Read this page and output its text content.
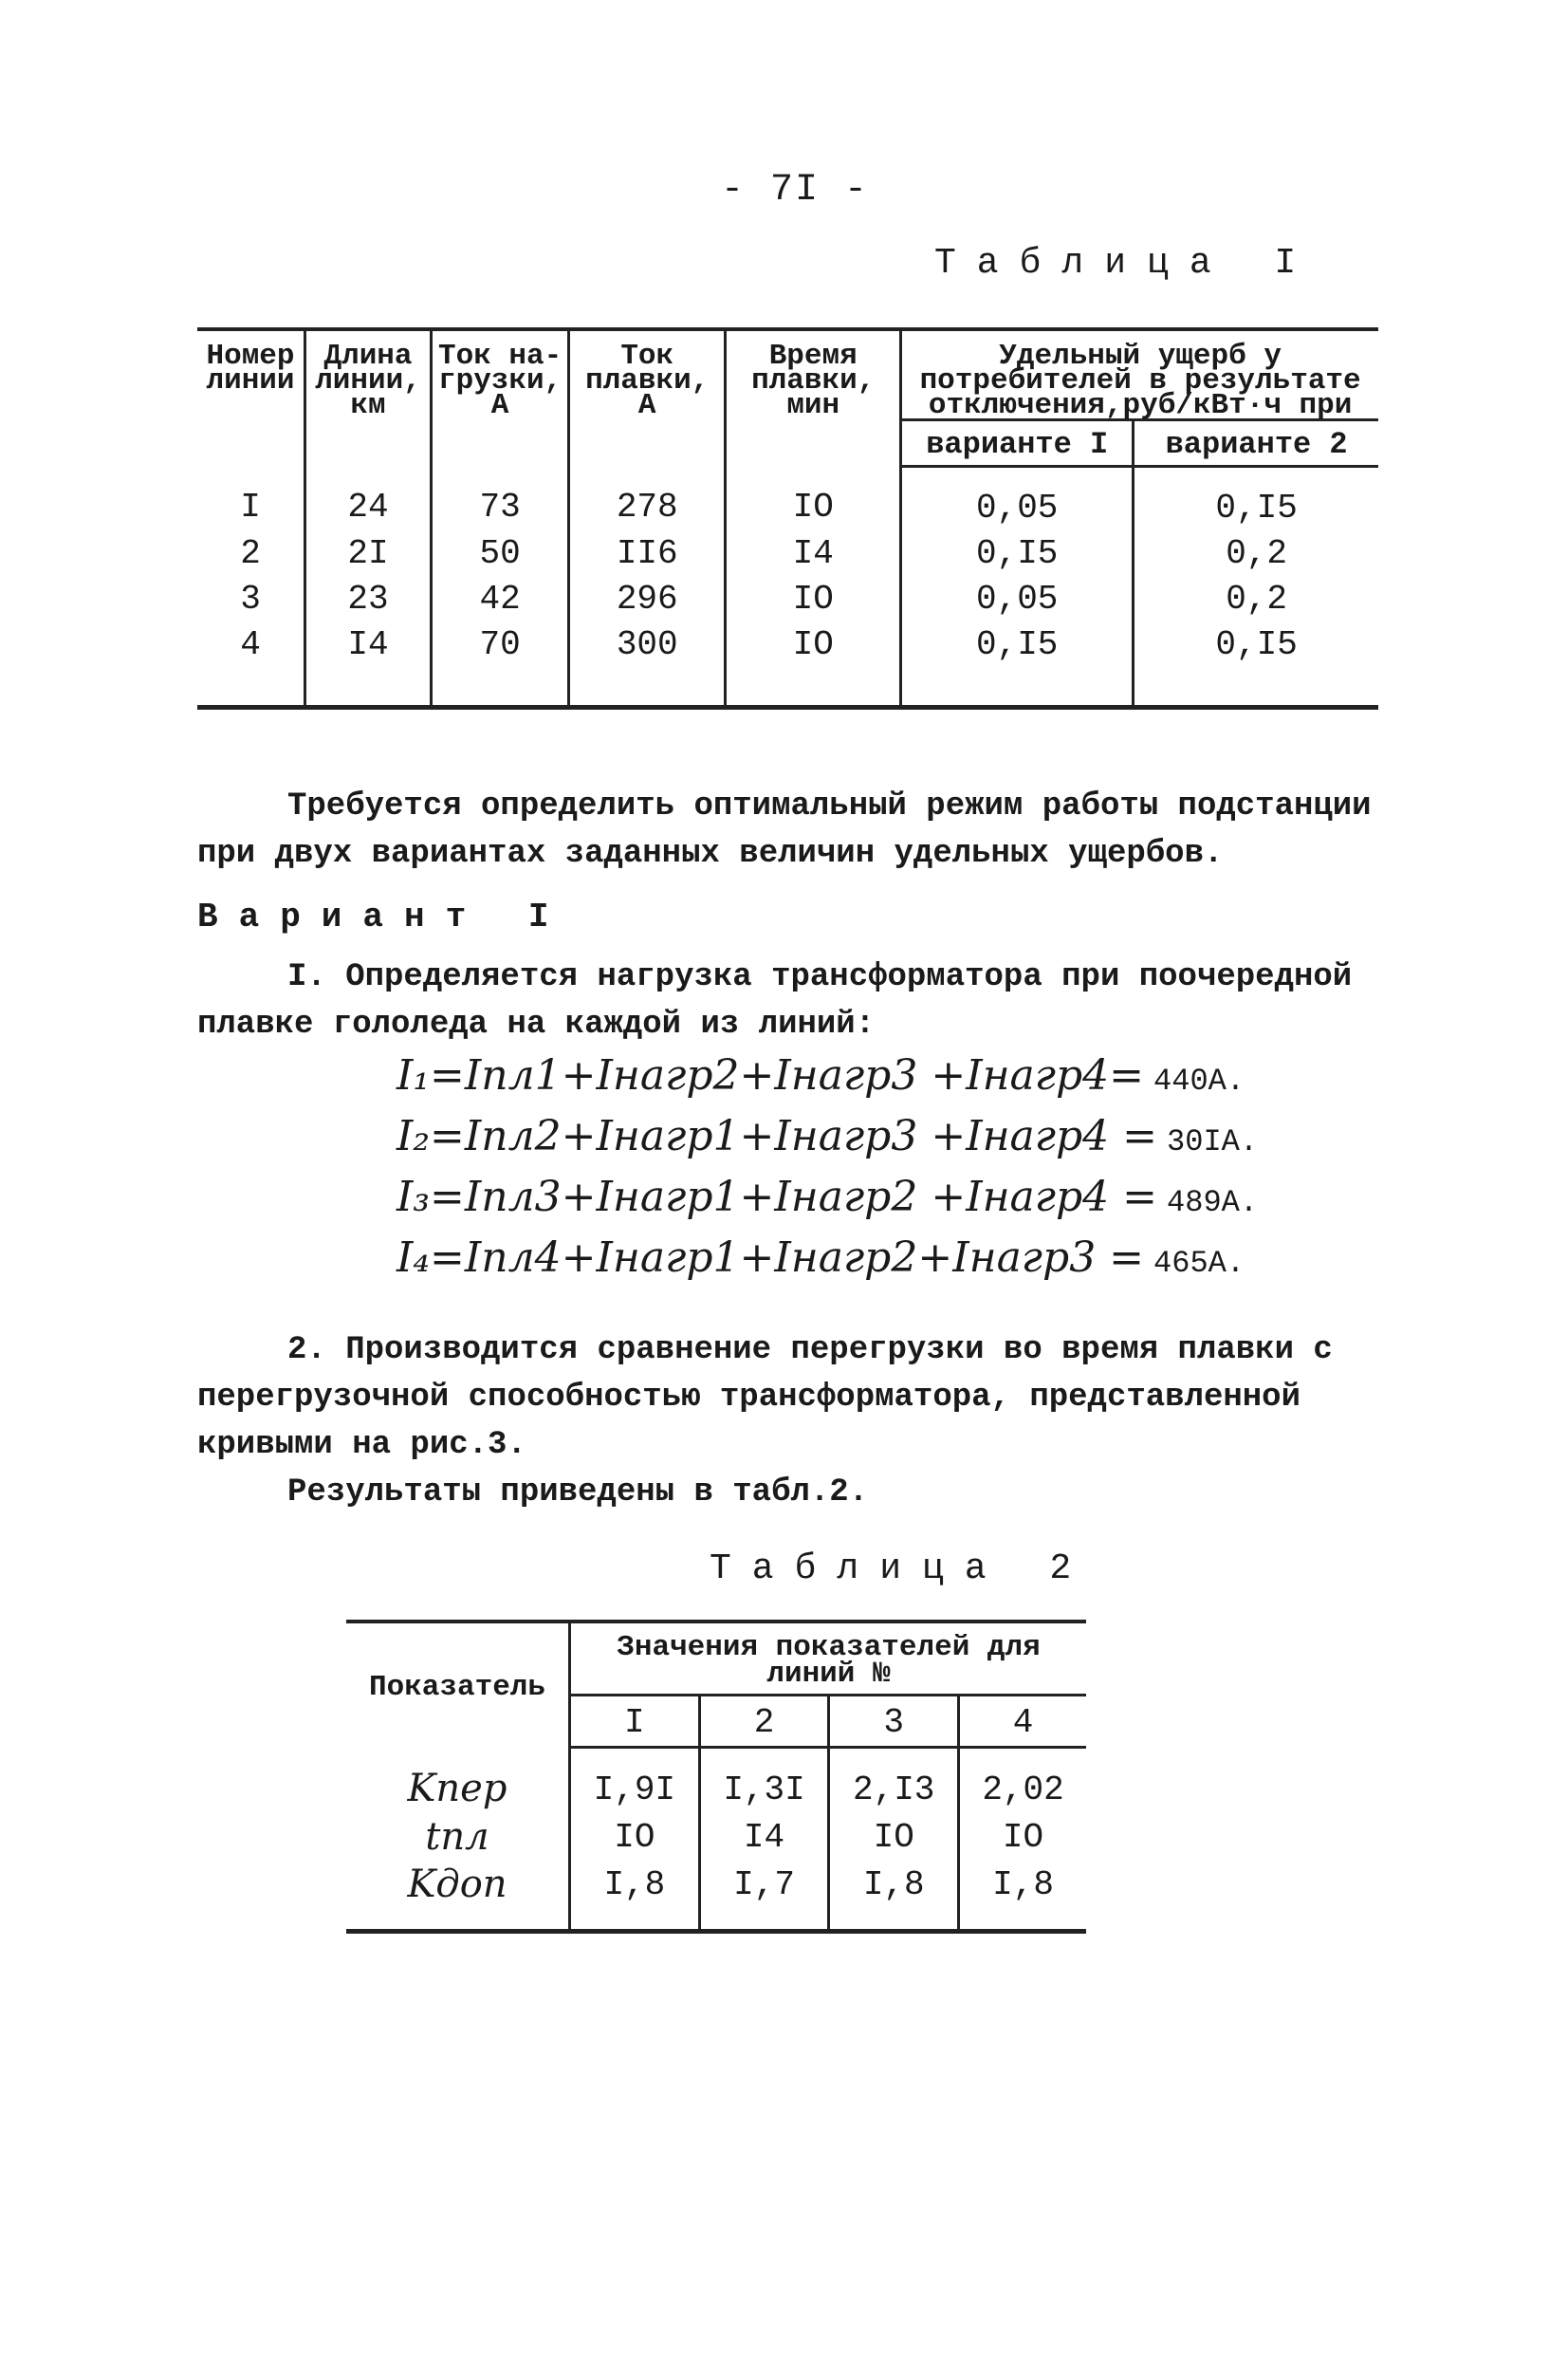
- 7I -
Таблица I
Номер линии	Длина линии, км	Ток на-грузки, А	Ток плавки, А	Время плавки, мин	Удельный ущерб у потребителей в результате отключения,руб/кВт·ч при	
					варианте I	варианте 2
I	24	73	278	IO	0,05	0,I5
2	2I	50	II6	I4	0,I5	0,2
3	23	42	296	IO	0,05	0,2
4	I4	70	300	IO	0,I5	0,I5
Требуется определить оптимальный режим работы подстанции при двух вариантах заданных величин удельных ущербов.
Вариант I
I. Определяется нагрузка трансформатора при поочередной плавке гололеда на каждой из линий:
I₁=Iпл1+Iнагр2+Iнагр3 +Iнагр4= 440А.
I₂=Iпл2+Iнагр1+Iнагр3 +Iнагр4 = 30IА.
I₃=Iпл3+Iнагр1+Iнагр2 +Iнагр4 = 489А.
I₄=Iпл4+Iнагр1+Iнагр2+Iнагр3 = 465А.
2. Производится сравнение перегрузки во время плавки с перегрузочной способностью трансформатора, представленной кривыми на рис.3.
Результаты приведены в табл.2.
Таблица 2
Показатель	Значения показателей для линий №			
	I	2	3	4
Kпер	I,9I	I,3I	2,I3	2,02
tпл	IO	I4	IO	IO
Kдоп	I,8	I,7	I,8	I,8
